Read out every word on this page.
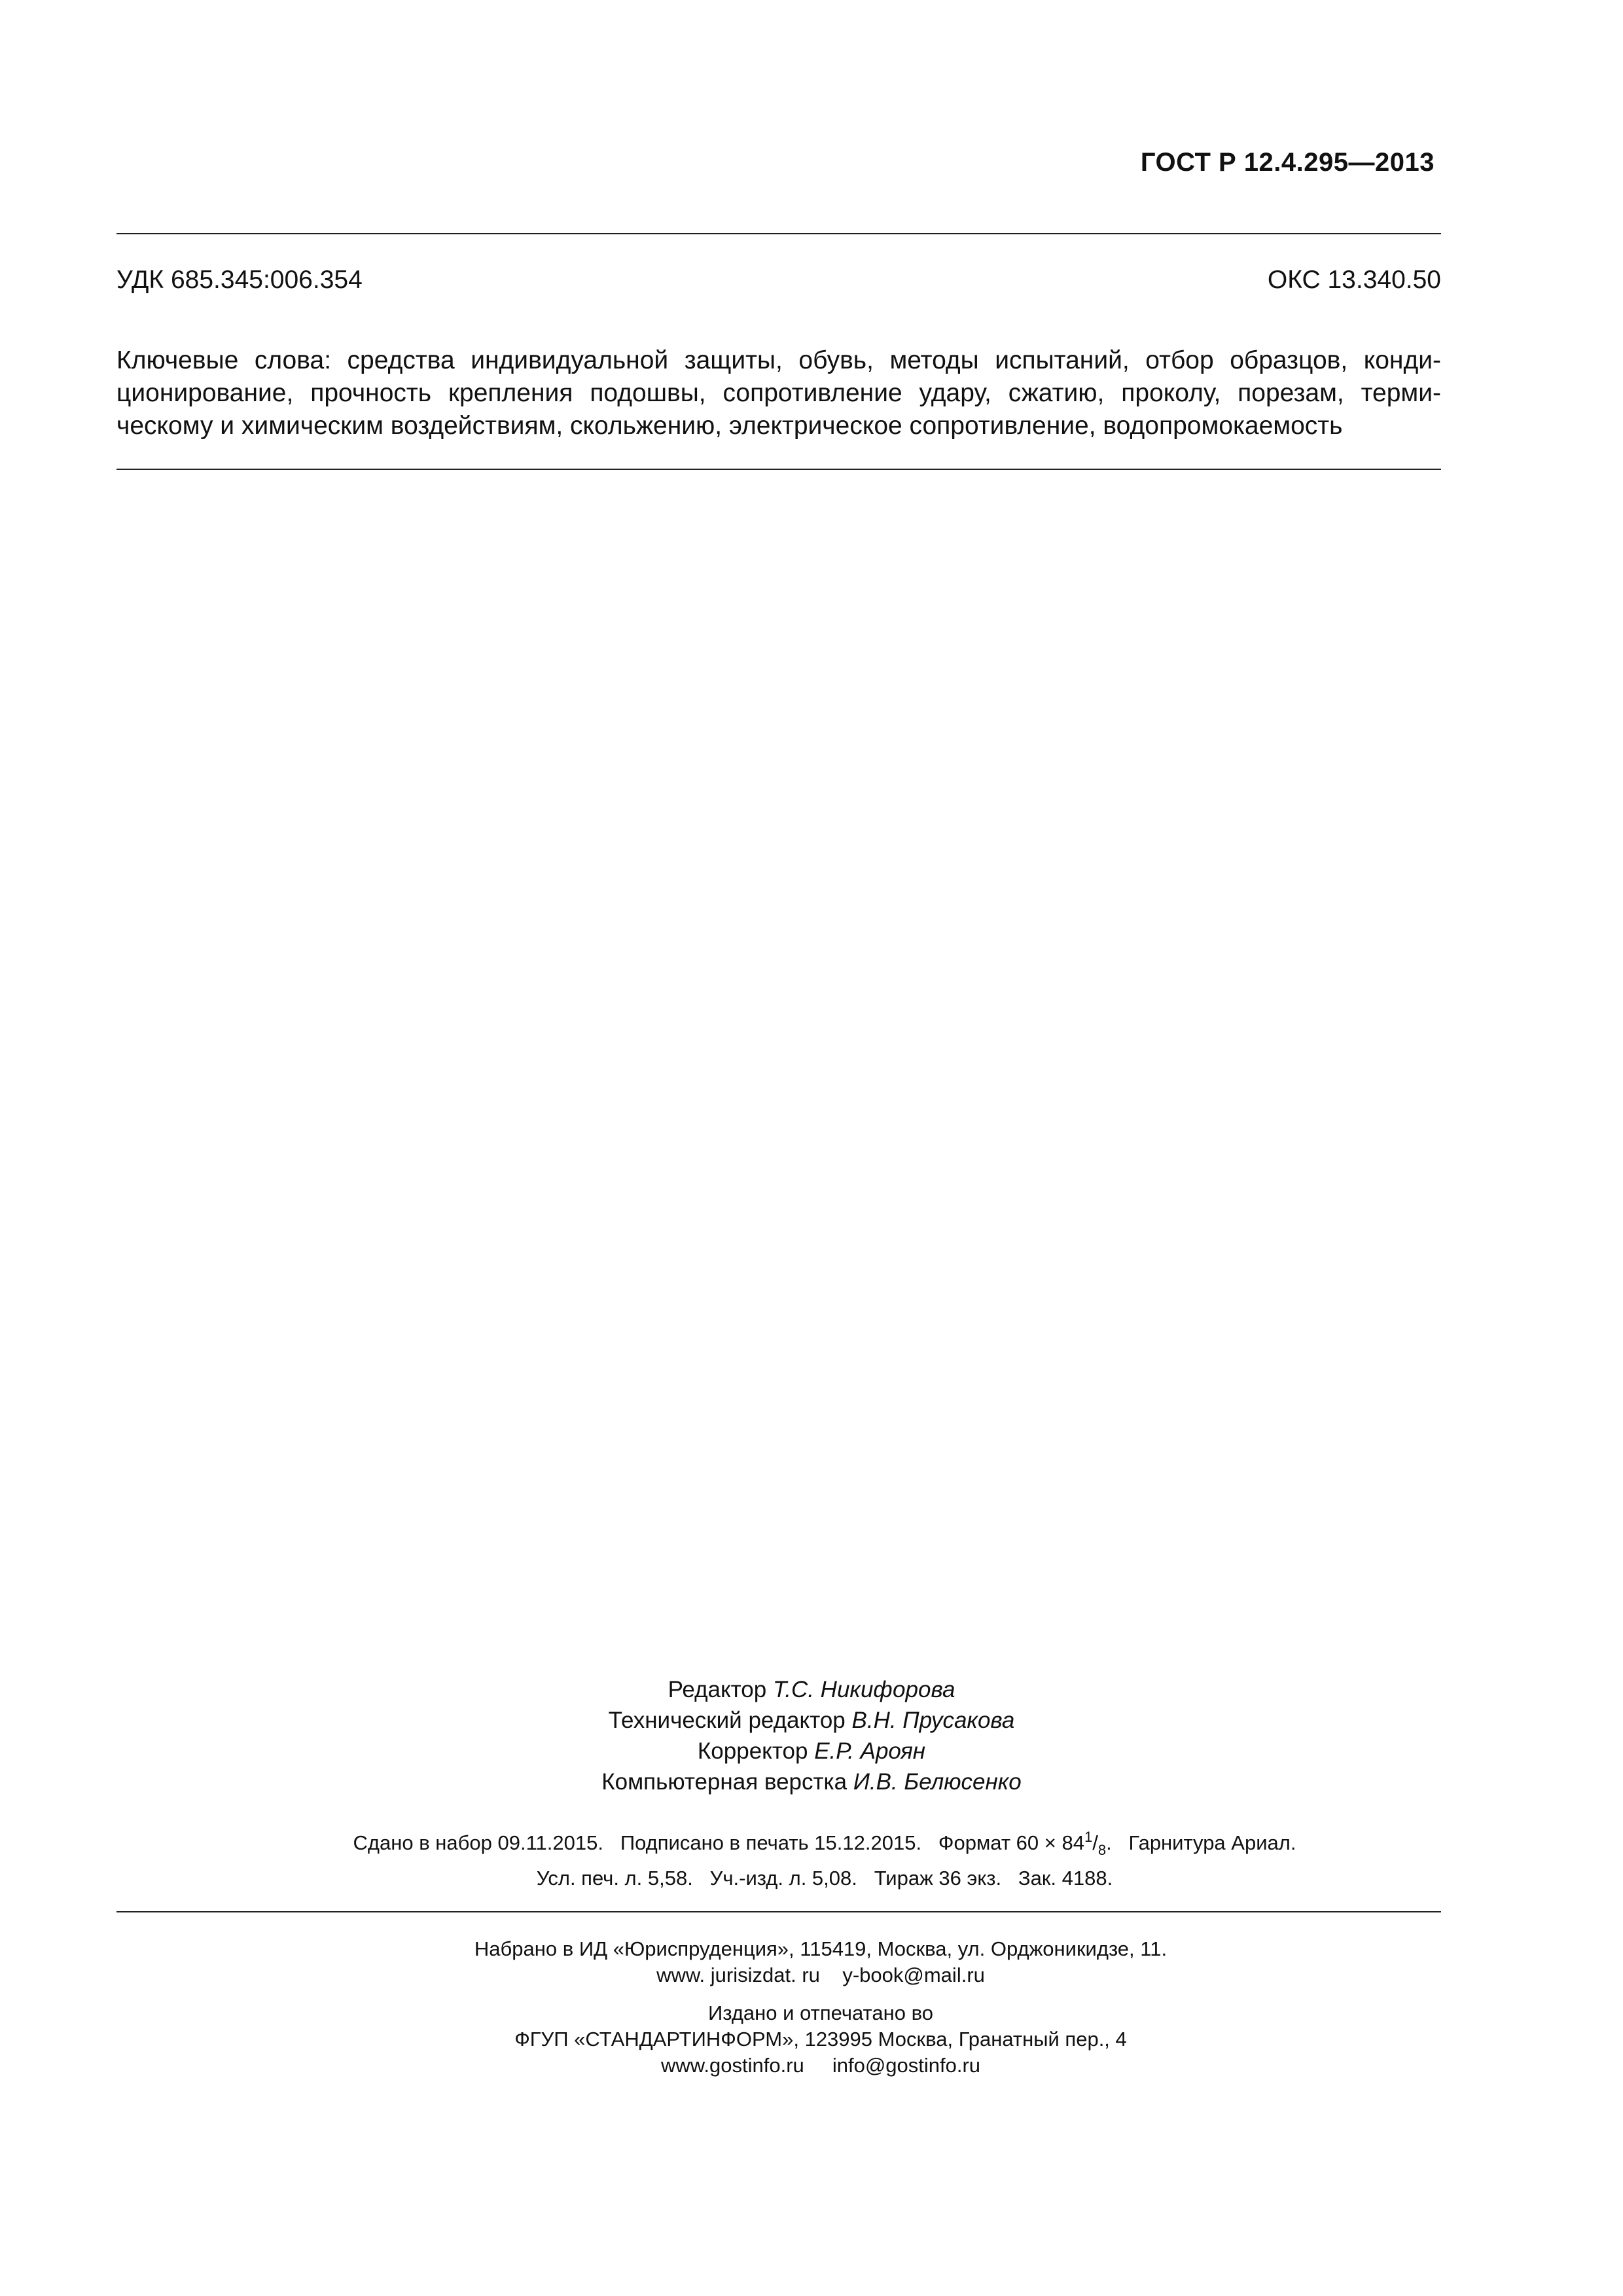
ГОСТ Р 12.4.295—2013
УДК 685.345:006.354	ОКС 13.340.50
Ключевые слова: средства индивидуальной защиты, обувь, методы испытаний, отбор образцов, конди-
ционирование, прочность крепления подошвы, сопротивление удару, сжатию, проколу, порезам, терми-
ческому и химическим воздействиям, скольжению, электрическое сопротивление, водопромокаемость
Редактор Т.С. Никифорова
Технический редактор В.Н. Прусакова
Корректор Е.Р. Ароян
Компьютерная верстка И.В. Белюсенко
Сдано в набор 09.11.2015. Подписано в печать 15.12.2015. Формат $60 \times 84^1/_8$.   Гарнитура Ариал.
Усл. печ. л. 5,58.   Уч.-изд. л. 5,08.   Тираж 36 экз.   Зак. 4188.
Набрано в ИД «Юриспруденция», 115419, Москва, ул. Орджоникидзе, 11.
www. jurisizdat. ru    y-book@mail.ru
Издано и отпечатано во
ФГУП «СТАНДАРТИНФОРМ», 123995 Москва, Гранатный пер., 4
www.gostinfo.ru     info@gostinfo.ru
